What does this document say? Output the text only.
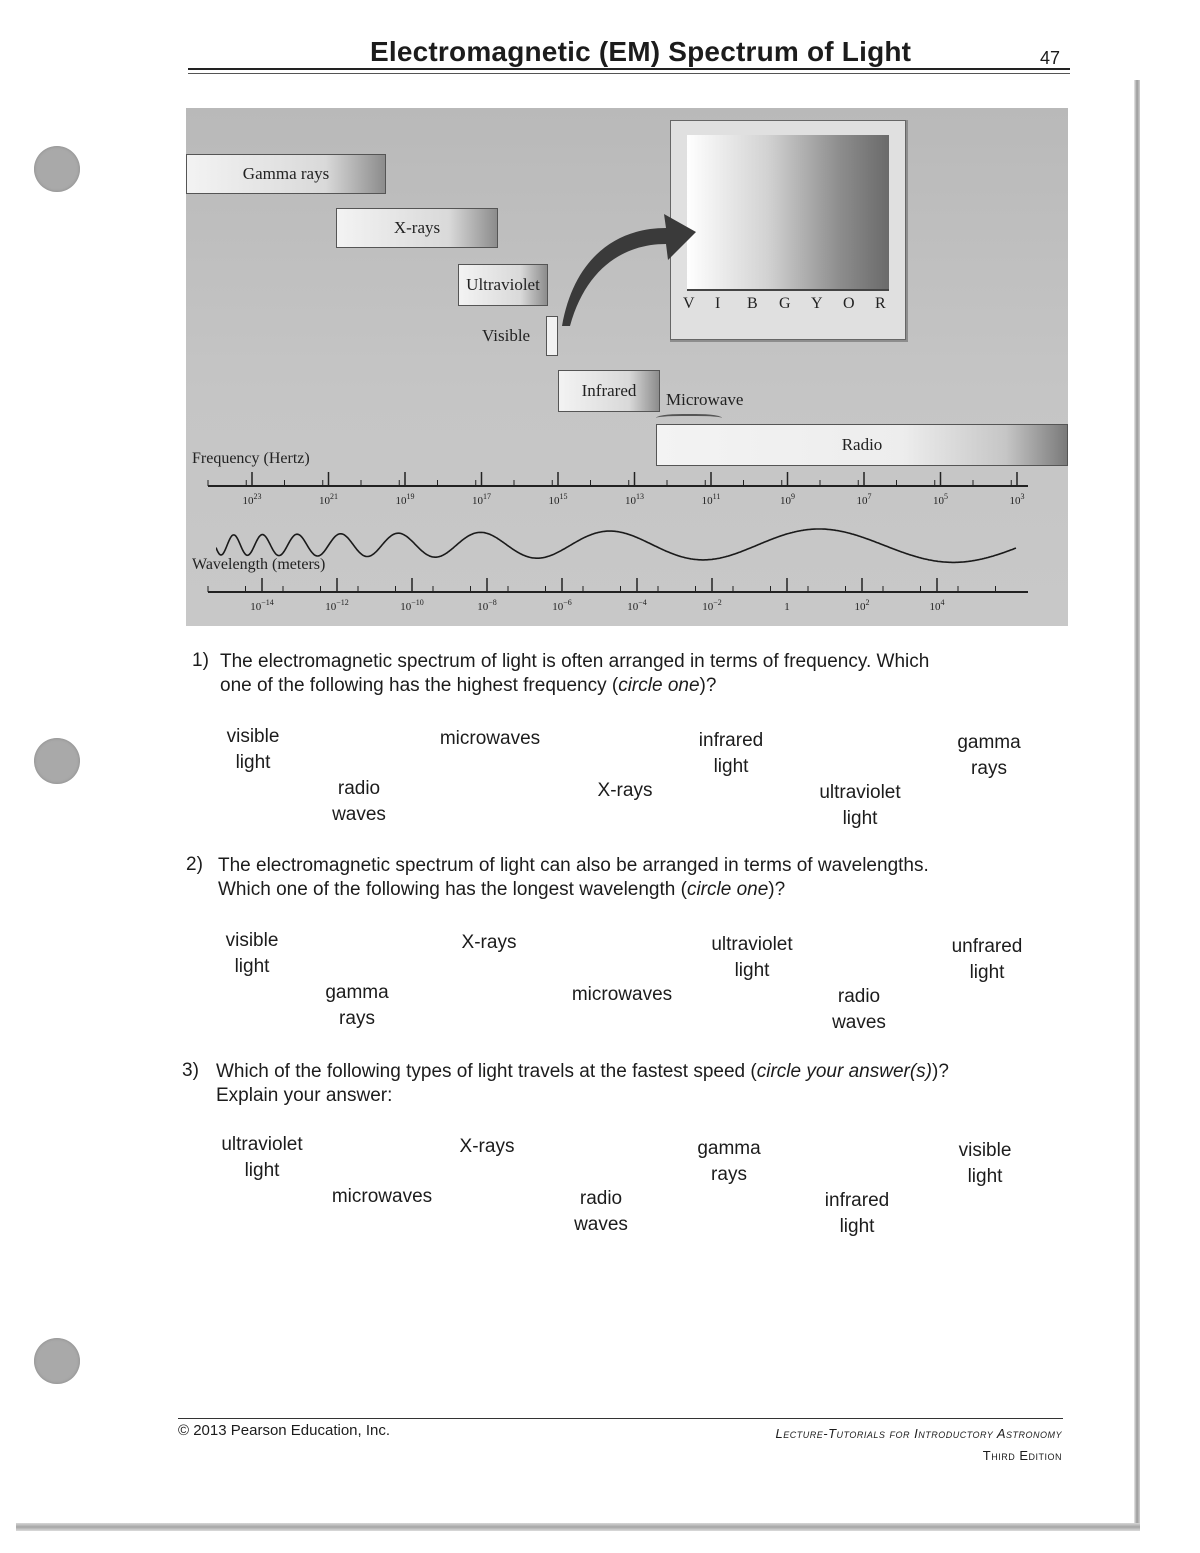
Electromagnetic (EM) Spectrum of Light	47
V I B G Y O R
Gamma rays
X-rays
Ultraviolet
Visible
Infrared	Microwave
Radio
Frequency (Hertz)
$10^{23}$	$10^{21}$	$10^{19}$	$10^{17}$	$10^{15}$	$10^{13}$	$10^{11}$	$10^9$	$10^7$	$10^5$	$10^3$
Wavelength (meters)
$10^{-14}$	$10^{-12}$	$10^{-10}$	$10^{-8}$	$10^{-6}$	$10^{-4}$	$10^{-2}$	1	$10^2$	$10^4$
1) The electromagnetic spectrum of light is often arranged in terms of frequency. Which
one of the following has the highest frequency (circle one)?
visible
light
microwaves	infrared
light
gamma
rays
radio
waves
X-rays	ultraviolet
light
2) The electromagnetic spectrum of light can also be arranged in terms of wavelengths.
Which one of the following has the longest wavelength (circle one)?
visible
light
X-rays	ultraviolet
light
unfrared
light
gamma
rays
microwaves	radio
waves
3) Which of the following types of light travels at the fastest speed (circle your answer(s))?
Explain your answer:
ultraviolet
light
X-rays	gamma
rays
visible
light
microwaves	radio
waves
infrared
light
© 2013 Pearson Education, Inc.	Lecture-Tutorials for Introductory Astronomy
Third Edition
